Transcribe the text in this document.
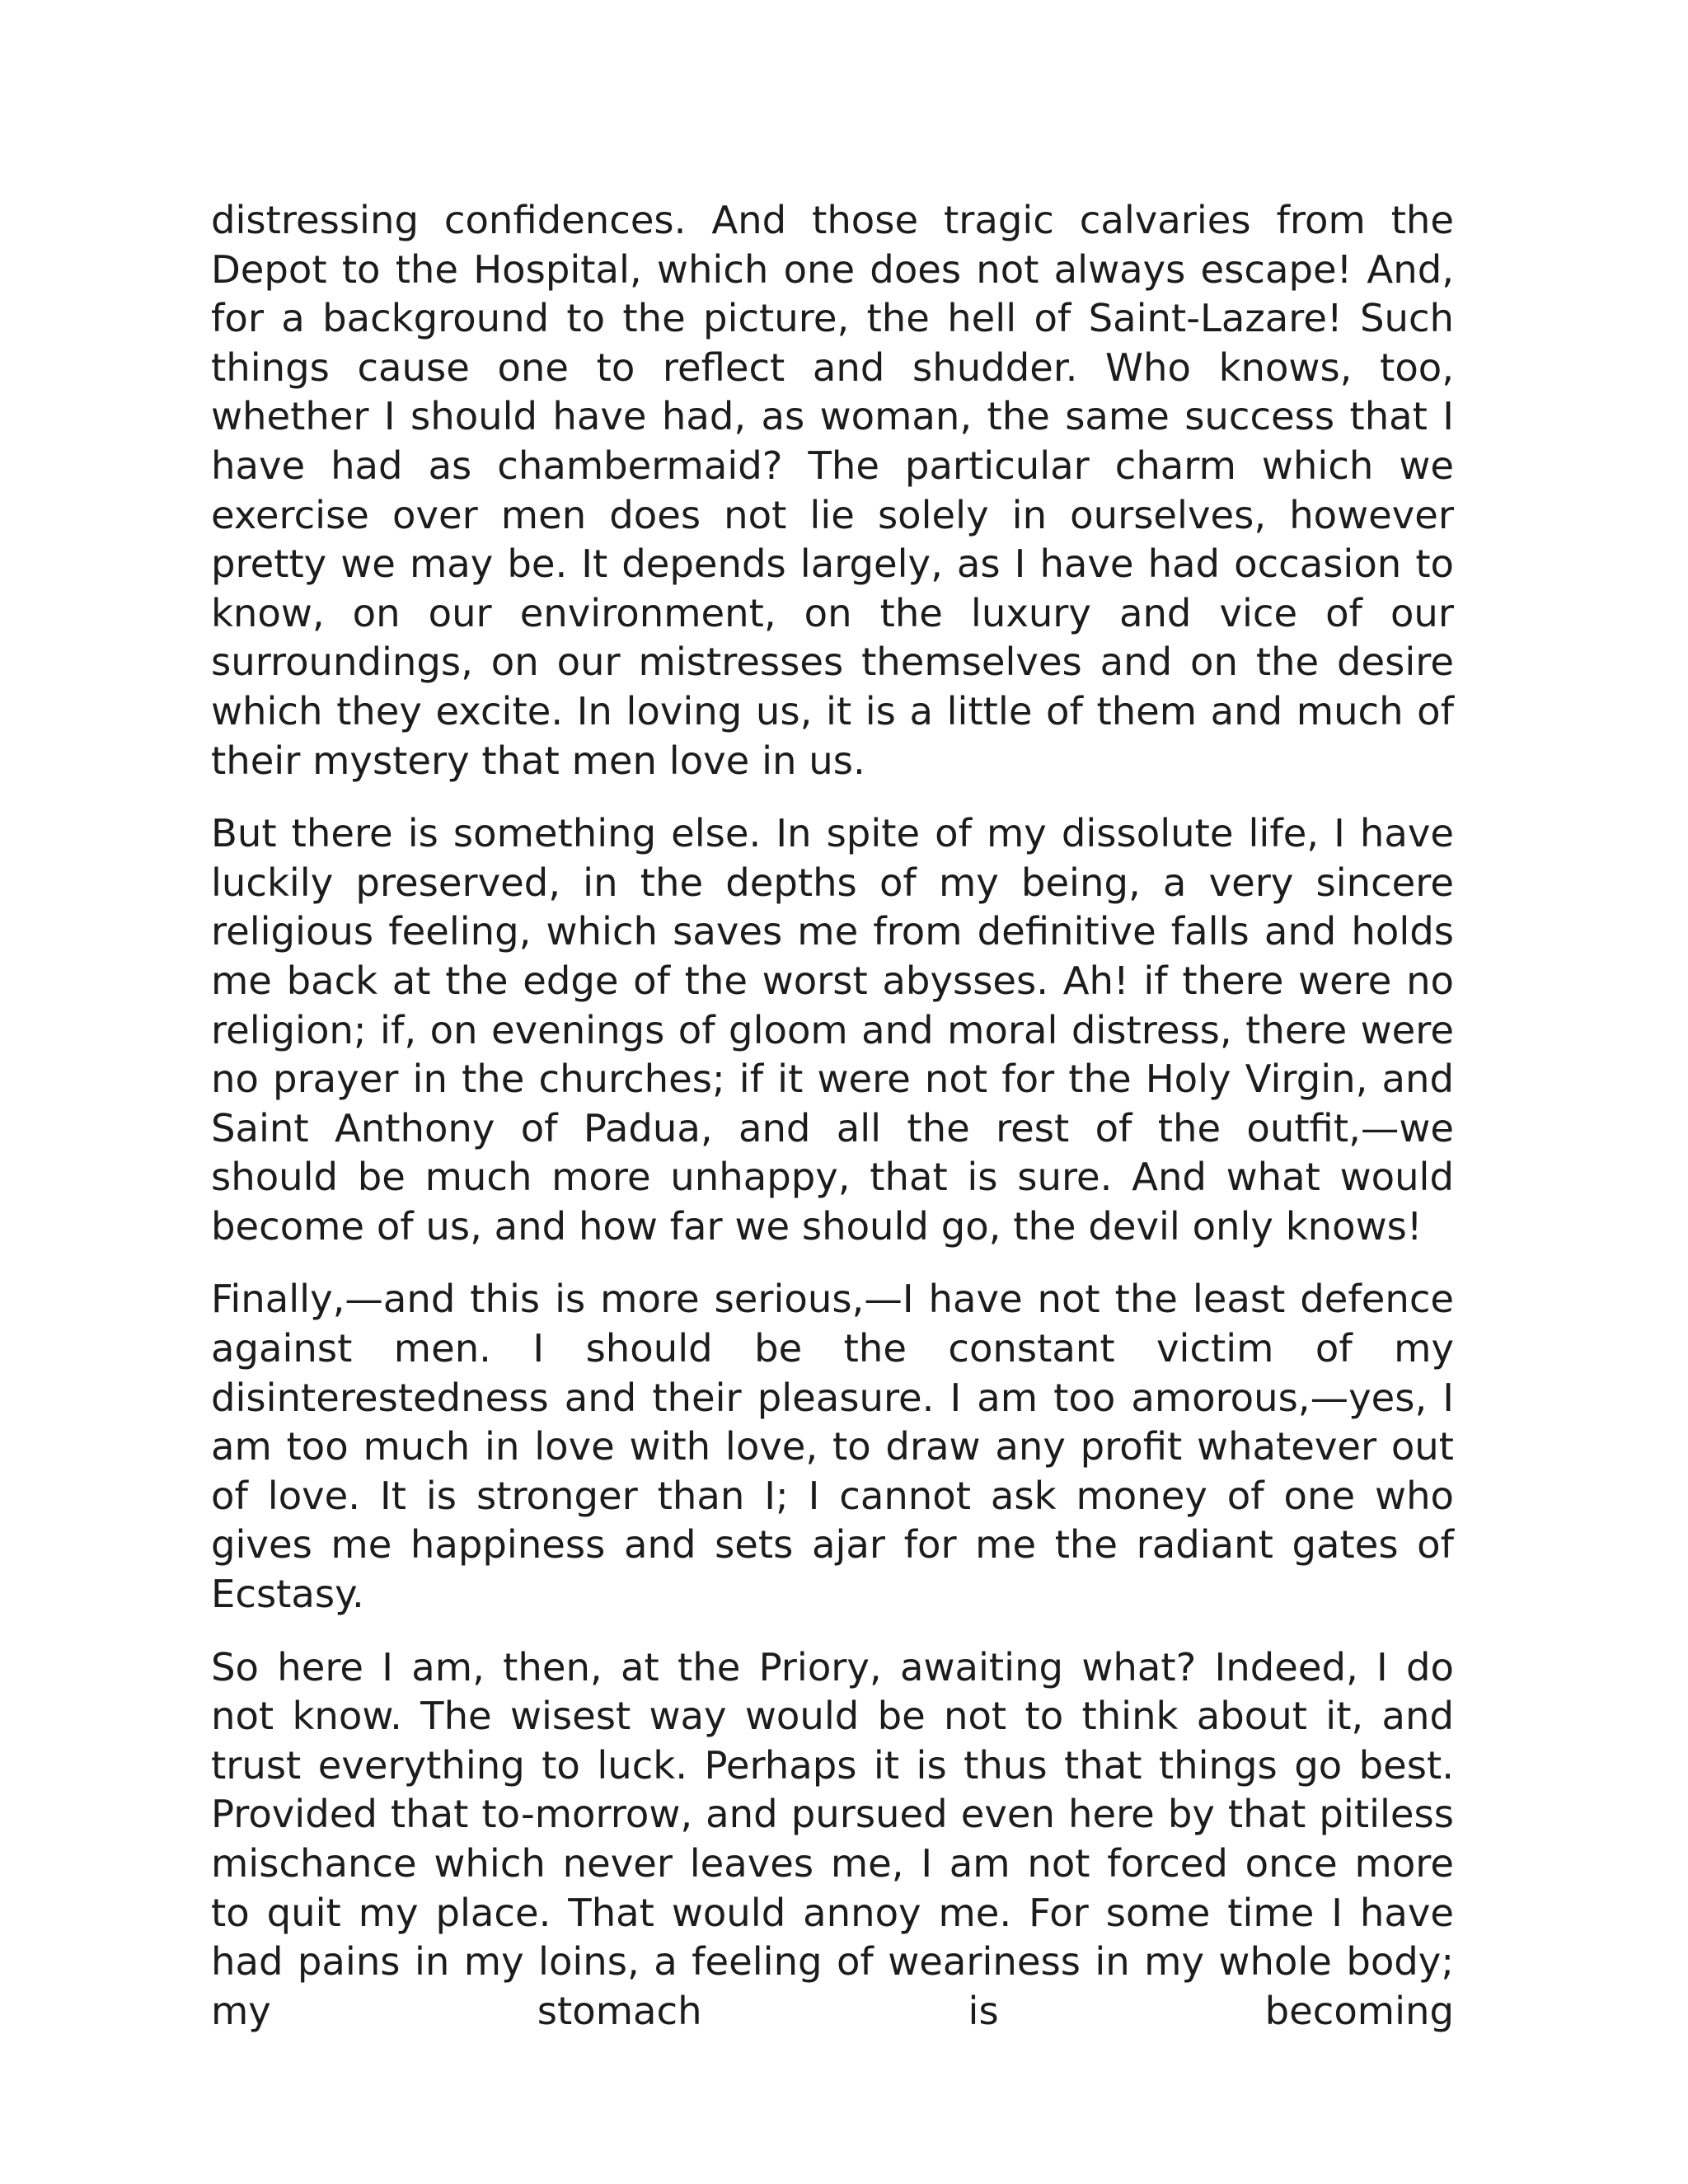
distressing confidences. And those tragic calvaries from the Depot to the Hospital, which one does not always escape! And, for a background to the picture, the hell of Saint-Lazare! Such things cause one to reflect and shudder. Who knows, too, whether I should have had, as woman, the same success that I have had as chambermaid? The particular charm which we exercise over men does not lie solely in ourselves, however pretty we may be. It depends largely, as I have had occasion to know, on our environment, on the luxury and vice of our surroundings, on our mistresses themselves and on the desire which they excite. In loving us, it is a little of them and much of their mystery that men love in us.

But there is something else. In spite of my dissolute life, I have luckily preserved, in the depths of my being, a very sincere religious feeling, which saves me from definitive falls and holds me back at the edge of the worst abysses. Ah! if there were no religion; if, on evenings of gloom and moral distress, there were no prayer in the churches; if it were not for the Holy Virgin, and Saint Anthony of Padua, and all the rest of the outfit,—we should be much more unhappy, that is sure. And what would become of us, and how far we should go, the devil only knows!

Finally,—and this is more serious,—I have not the least defence against men. I should be the constant victim of my disinterestedness and their pleasure. I am too amorous,—yes, I am too much in love with love, to draw any profit whatever out of love. It is stronger than I; I cannot ask money of one who gives me happiness and sets ajar for me the radiant gates of Ecstasy.

So here I am, then, at the Priory, awaiting what? Indeed, I do not know. The wisest way would be not to think about it, and trust everything to luck. Perhaps it is thus that things go best. Provided that to-morrow, and pursued even here by that pitiless mischance which never leaves me, I am not forced once more to quit my place. That would annoy me. For some time I have had pains in my loins, a feeling of weariness in my whole body; my stomach is becoming
